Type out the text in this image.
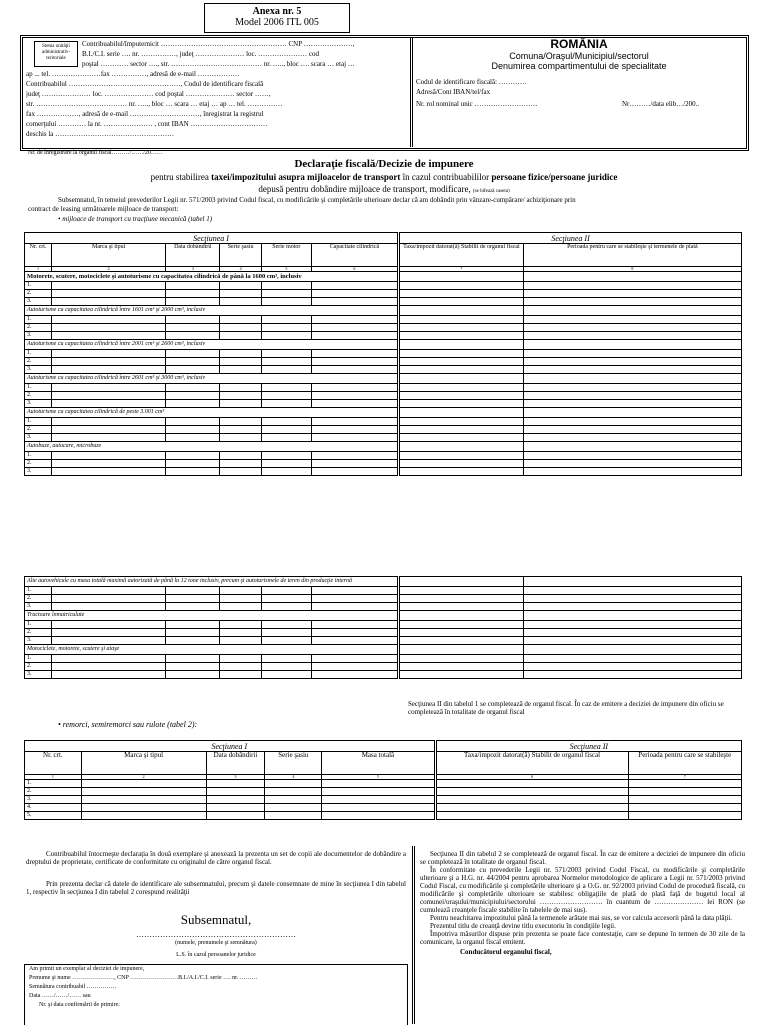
Anexa nr. 5
Model 2006 ITL 005
Stema unităţii administrativ-teritoriale
Contribuabilul/împuternicit ……………………………………………… CNP …………………,
B.I./C.I. serie …. nr. ……………, judeţ ………………… loc. ………………… cod
poştal ………… sector …., str. ………………………………… nr. ….., bloc …. scara … etaj …
ap ... tel. …………………fax ……………, adresă de e-mail ………………
Contribuabilul …………………………………………, Codul de identificare fiscală
judeţ ………………… loc. ………………… cod poştal ………………… sector ……,
str. ………………………………… nr. ….., bloc … scara … etaj … ap … tel. ……………
fax ………………, adresă de e-mail …………………………, înregistrat la registrul
comerţului ………… la nr. ………………… , cont IBAN ……………………………
deschis la ……………………………………………
ROMÂNIA
Comuna/Oraşul/Municipiul/sectorul
Denumirea compartimentului de specialitate
Codul de identificare fiscală: …………
Adresă/Cont IBAN/tel/fax
Nr. rol nominal unic ………………………	Nr………/data elib…/200..
Nr. de înregistrare la organul fiscal………/……/20……
Declaraţie fiscală/Decizie de impunere
pentru stabilirea taxei/impozitului asupra mijloacelor de transport în cazul contribuabililor persoane fizice/persoane juridice
depusă pentru dobândire mijloace de transport, modificare, (se bifează caseta)
Subsemnatul, în temeiul prevederilor Legii nr. 571/2003 privind Codul fiscal, cu modificările şi completările ulterioare declar că am dobândit prin vânzare-cumpărare/ achiziţionare prin
contract de leasing următoarele mijloace de transport:
• mijloace de transport cu tracţiune mecanică (tabel 1)
Secţiunea I						Secţiunea II	
Nr. crt.	Marca şi tipul	Data dobândirii	Serie şasiu	Serie motor	Capacitate cilindrică	Taxa/impozit datorat(ă) Stabilit de organul fiscal	Perioada pentru care se stabileşte şi termenele de plată
1	2	3	4	5	6	7	8
Motorete, scutere, motociclete şi autoturisme cu capacitatea cilindrică de până la 1600 cm³, inclusiv							
1.							
2.							
3.							
Autoturisme cu capacitatea cilindrică între 1601 cm³ şi 2000 cm³, inclusiv							
1.							
2.							
3.							
Autoturisme cu capacitatea cilindrică între 2001 cm³ şi 2600 cm³, inclusiv							
1.							
2.							
3.							
Autoturisme cu capacitatea cilindrică între 2601 cm³ şi 3000 cm³, inclusiv							
1.							
2.							
3.							
Autoturisme cu capacitatea cilindrică de peste 3.001 cm³							
1.							
2.							
3.							
Autobuze, autocare, microbuze							
1.							
2.							
3.							
Alte autovehicule cu masa totală maximă autorizată de până la 12 tone inclusiv, precum şi autoturismele de teren din producţie internă							
1.							
2.							
3.							
Tractoare înmatriculate							
1.							
2.							
3.							
Motociclete, motorete, scutere şi ataşe							
1.							
2.							
3.							
Secţiunea II din tabelul 1 se completează de organul fiscal. În caz de emitere a deciziei de impunere din oficiu se completează în totalitate de organul fiscal
• remorci, semiremorci sau rulote (tabel 2):
Secţiunea I					Secţiunea II	
Nr. crt.	Marca şi tipul	Data dobândirii	Serie şasiu	Masa totală	Taxa/impozit datorat(ă) Stabilit de organul fiscal	Perioada pentru care se stabileşte
1	2	3	4	5	6	7
1.						
2.						
3.						
4.						
5.						
Contribuabilul întocmeşte declaraţia în două exemplare şi anexează la prezenta un set de copii ale documentelor de dobândire a dreptului de proprietate, certificate de conformitate cu originalul de către organul fiscal.
Prin prezenta declar că datele de identificare ale subsemnatului, precum şi datele consemnate de mine în secţiunea I din tabelul 1, respectiv în secţiunea I din tabelul 2 corespund realităţii
Subsemnatul,
……………………………………………………
(numele, prenumele şi semnătura)
L.S. în cazul persoanelor juridice
Am primit un exemplar al deciziei de impunere,
Prenume şi nume …………………, CNP ……………………B.I./A.I./C.I. serie …. nr. ………
Semnătura contribuabil ……………
Data ……/……/…… sau
Nr. şi data confirmării de primire:
Secţiunea II din tabelul 2 se completează de organul fiscal. În caz de emitere a deciziei de impunere din oficiu se completează în totalitate de organul fiscal.
În conformitate cu prevederile Legii nr. 571/2003 privind Codul Fiscal, cu modificările şi completările ulterioare şi a H.G. nr. 44/2004 pentru aprobarea Normelor metodologice de aplicare a Legii nr. 571/2003 privind Codul Fiscal, cu modificările şi completările ulterioare şi a O.G. nr. 92/2003 privind Codul de procedură fiscală, cu modificările şi completările ulterioare se stabilesc obligaţiile de plată de plată faţă de bugetul local al comunei/oraşului/municipiului/sectorului ……………………… în cuantum de ………………… lei RON (se cumulează creanţele fiscale stabilite în tabelele de mai sus).
Pentru neachitarea impozitului până la termenele arătate mai sus, se vor calcula accesorii până la data plăţii.
Prezentul titlu de creanţă devine titlu executoriu în condiţiile legii.
Împotriva măsurilor dispuse prin prezenta se poate face contestaţie, care se depune în termen de 30 zile de la comunicare, la organul fiscal emitent.
Conducătorul organului fiscal,
